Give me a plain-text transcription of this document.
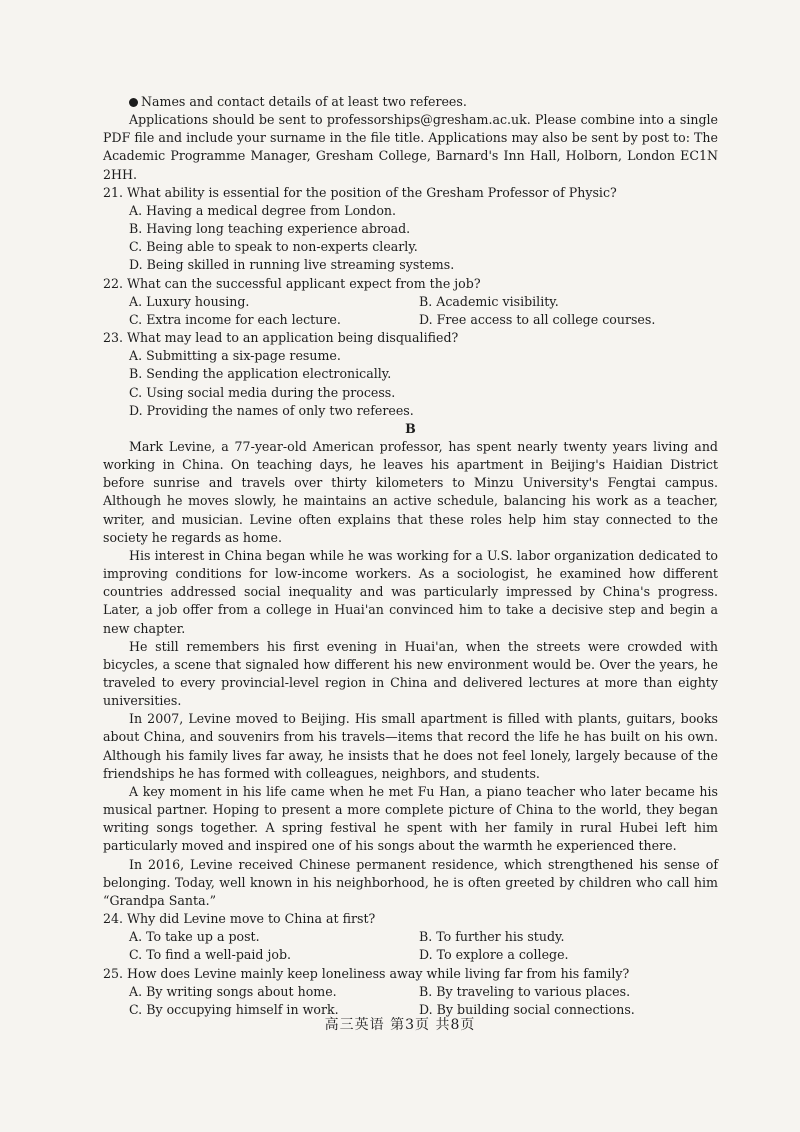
Names and contact details of at least two referees.

Applications should be sent to professorships@gresham.ac.uk. Please combine into a single PDF file and include your surname in the file title. Applications may also be sent by post to: The Academic Programme Manager, Gresham College, Barnard's Inn Hall, Holborn, London EC1N 2HH.

21. What ability is essential for the position of the Gresham Professor of Physic?

A. Having a medical degree from London.

B. Having long teaching experience abroad.

C. Being able to speak to non-experts clearly.

D. Being skilled in running live streaming systems.

22. What can the successful applicant expect from the job?

A. Luxury housing.	B. Academic visibility.
C. Extra income for each lecture.	D. Free access to all college courses.

23. What may lead to an application being disqualified?

A. Submitting a six-page resume.

B. Sending the application electronically.

C. Using social media during the process.

D. Providing the names of only two referees.

B

Mark Levine, a 77-year-old American professor, has spent nearly twenty years living and working in China. On teaching days, he leaves his apartment in Beijing's Haidian District before sunrise and travels over thirty kilometers to Minzu University's Fengtai campus. Although he moves slowly, he maintains an active schedule, balancing his work as a teacher, writer, and musician. Levine often explains that these roles help him stay connected to the society he regards as home.

His interest in China began while he was working for a U.S. labor organization dedicated to improving conditions for low-income workers. As a sociologist, he examined how different countries addressed social inequality and was particularly impressed by China's progress. Later, a job offer from a college in Huai'an convinced him to take a decisive step and begin a new chapter.

He still remembers his first evening in Huai'an, when the streets were crowded with bicycles, a scene that signaled how different his new environment would be. Over the years, he traveled to every provincial-level region in China and delivered lectures at more than eighty universities.

In 2007, Levine moved to Beijing. His small apartment is filled with plants, guitars, books about China, and souvenirs from his travels—items that record the life he has built on his own. Although his family lives far away, he insists that he does not feel lonely, largely because of the friendships he has formed with colleagues, neighbors, and students.

A key moment in his life came when he met Fu Han, a piano teacher who later became his musical partner. Hoping to present a more complete picture of China to the world, they began writing songs together. A spring festival he spent with her family in rural Hubei left him particularly moved and inspired one of his songs about the warmth he experienced there.

In 2016, Levine received Chinese permanent residence, which strengthened his sense of belonging. Today, well known in his neighborhood, he is often greeted by children who call him “Grandpa Santa.”

24. Why did Levine move to China at first?

A. To take up a post.	B. To further his study.
C. To find a well-paid job.	D. To explore a college.

25. How does Levine mainly keep loneliness away while living far from his family?

A. By writing songs about home.	B. By traveling to various places.
C. By occupying himself in work.	D. By building social connections.
高三英语 第3页 共8页
